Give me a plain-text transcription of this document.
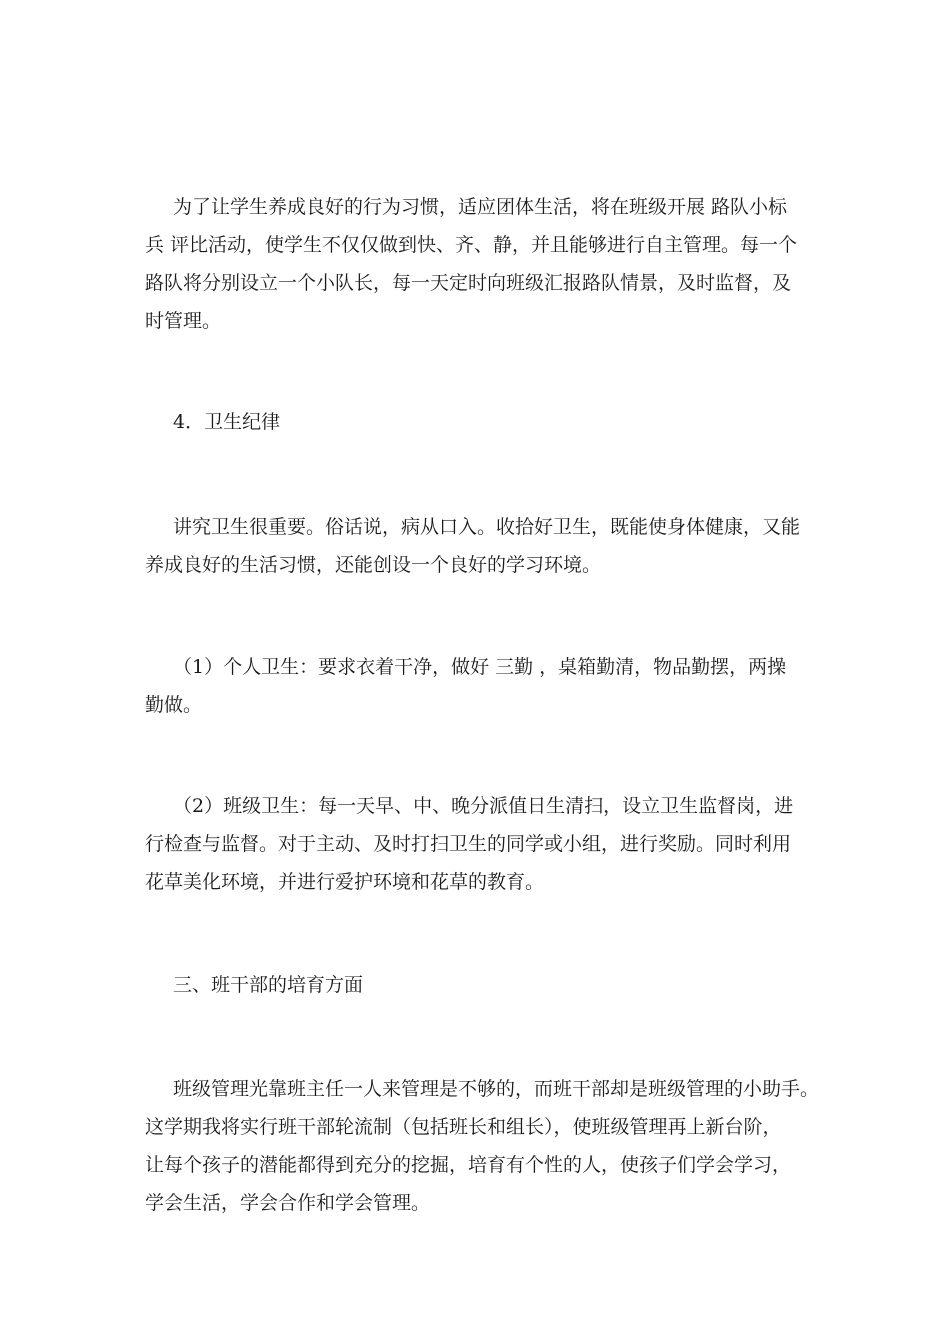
为了让学生养成良好的行为习惯，适应团体生活，将在班级开展 路队小标
兵 评比活动，使学生不仅仅做到快、齐、静，并且能够进行自主管理。每一个
路队将分别设立一个小队长，每一天定时向班级汇报路队情景，及时监督，及
时管理。
4．卫生纪律
讲究卫生很重要。俗话说，病从口入。收拾好卫生，既能使身体健康，又能
养成良好的生活习惯，还能创设一个良好的学习环境。
（1）个人卫生：要求衣着干净，做好 三勤 ，桌箱勤清，物品勤摆，两操
勤做。
（2）班级卫生：每一天早、中、晚分派值日生清扫，设立卫生监督岗，进
行检查与监督。对于主动、及时打扫卫生的同学或小组，进行奖励。同时利用
花草美化环境，并进行爱护环境和花草的教育。
三、班干部的培育方面
班级管理光靠班主任一人来管理是不够的，而班干部却是班级管理的小助手。
这学期我将实行班干部轮流制（包括班长和组长），使班级管理再上新台阶，
让每个孩子的潜能都得到充分的挖掘，培育有个性的人，使孩子们学会学习，
学会生活，学会合作和学会管理。
